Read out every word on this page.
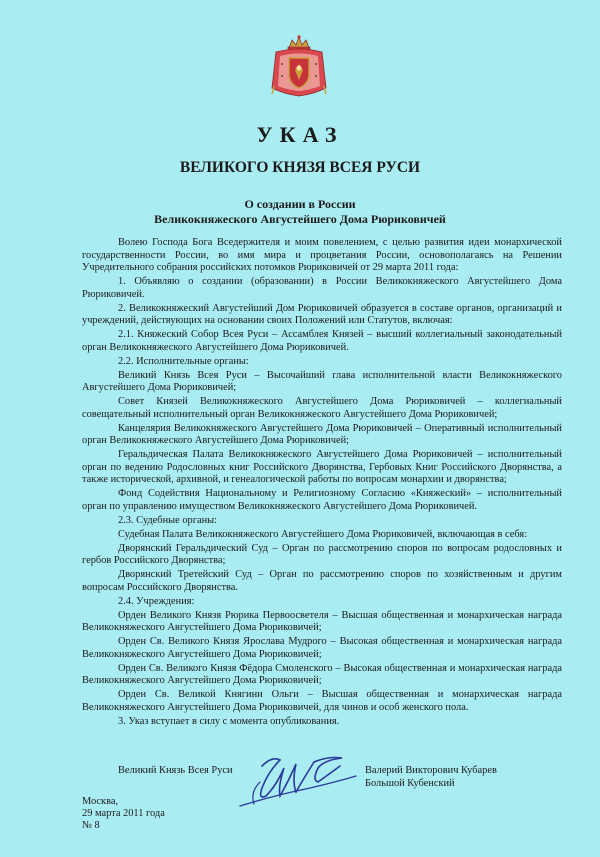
УКАЗ
ВЕЛИКОГО КНЯЗЯ ВСЕЯ РУСИ
О создании в России
Великокняжеского Августейшего Дома Рюриковичей

Волею Господа Бога Вседержителя и моим повелением, с целью развития идеи монархической государственности России, во имя мира и процветания России, основополагаясь на Решении Учредительного собрания российских потомков Рюриковичей от 29 марта 2011 года:

1. Объявляю о создании (образовании) в России Великокняжеского Августейшего Дома Рюриковичей.

2. Великокняжеский Августейший Дом Рюриковичей образуется в составе органов, организаций и учреждений, действующих на основании своих Положений или Статутов, включая:

2.1. Княжеский Собор Всея Руси – Ассамблея Князей – высший коллегиальный законодательный орган Великокняжеского Августейшего Дома Рюриковичей.

2.2. Исполнительные органы:

Великий Князь Всея Руси – Высочайший глава исполнительной власти Великокняжеского Августейшего Дома Рюриковичей;

Совет Князей Великокняжеского Августейшего Дома Рюриковичей – коллегиальный совещательный исполнительный орган Великокняжеского Августейшего Дома Рюриковичей;

Канцелярия Великокняжеского Августейшего Дома Рюриковичей – Оперативный исполнительный орган Великокняжеского Августейшего Дома Рюриковичей;

Геральдическая Палата Великокняжеского Августейшего Дома Рюриковичей – исполнительный орган по ведению Родословных книг Российского Дворянства, Гербовых Книг Российского Дворянства, а также исторической, архивной, и генеалогической работы по вопросам монархии и дворянства;

Фонд Содействия Национальному и Религиозному Согласию «Княжеский» – исполнительный орган по управлению имуществом Великокняжеского Августейшего Дома Рюриковичей.

2.3. Судебные органы:

Судебная Палата Великокняжеского Августейшего Дома Рюриковичей, включающая в себя:

Дворянский Геральдический Суд – Орган по рассмотрению споров по вопросам родословных и гербов Российского Дворянства;

Дворянский Третейский Суд – Орган по рассмотрению споров по хозяйственным и другим вопросам Российского Дворянства.

2.4. Учреждения:

Орден Великого Князя Рюрика Первоосветеля – Высшая общественная и монархическая награда Великокняжеского Августейшего Дома Рюриковичей;

Орден Св. Великого Князя Ярослава Мудрого – Высокая общественная и монархическая награда Великокняжеского Августейшего Дома Рюриковичей;

Орден Св. Великого Князя Фёдора Смоленского – Высокая общественная и монархическая награда Великокняжеского Августейшего Дома Рюриковичей;

Орден Св. Великой Княгини Ольги – Высшая общественная и монархическая награда Великокняжеского Августейшего Дома Рюриковичей, для чинов и особ женского пола.

3. Указ вступает в силу с момента опубликования.

Великий Князь Всея Руси	Валерий Викторович Кубарев
Большой Кубенский
Москва,
29 марта 2011 года
№ 8
